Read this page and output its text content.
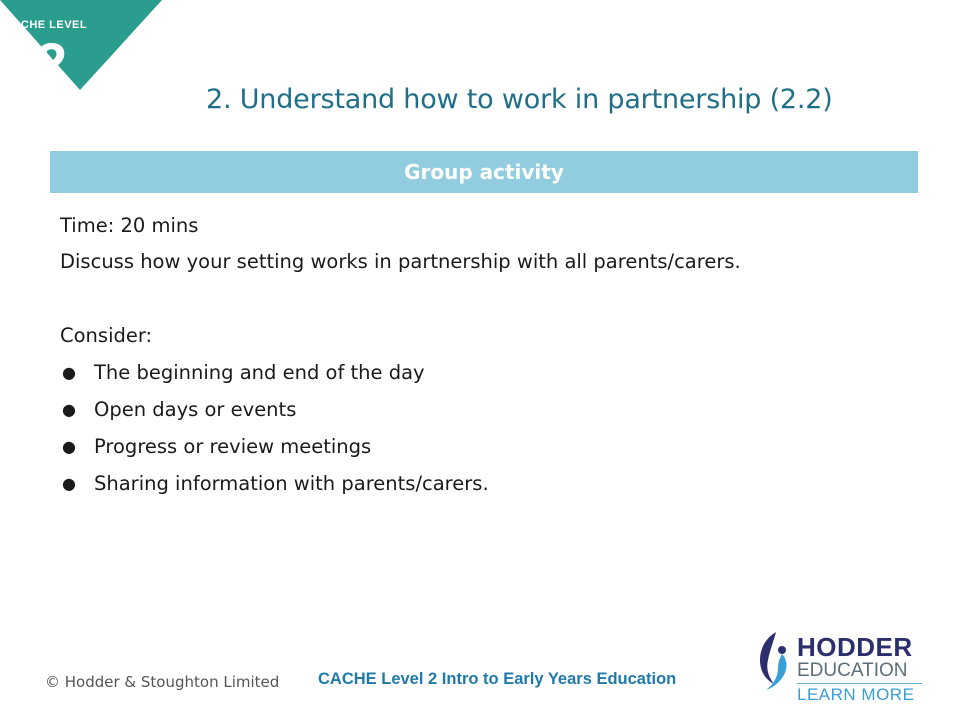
CACHE LEVEL
2
2. Understand how to work in partnership (2.2)
Group activity
Time: 20 mins
Discuss how your setting works in partnership with all parents/carers.
Consider:
● The beginning and end of the day
● Open days or events
● Progress or review meetings
● Sharing information with parents/carers.
© Hodder & Stoughton Limited CACHE Level 2 Intro to Early Years Education
HODDER
EDUCATION
LEARN MORE
